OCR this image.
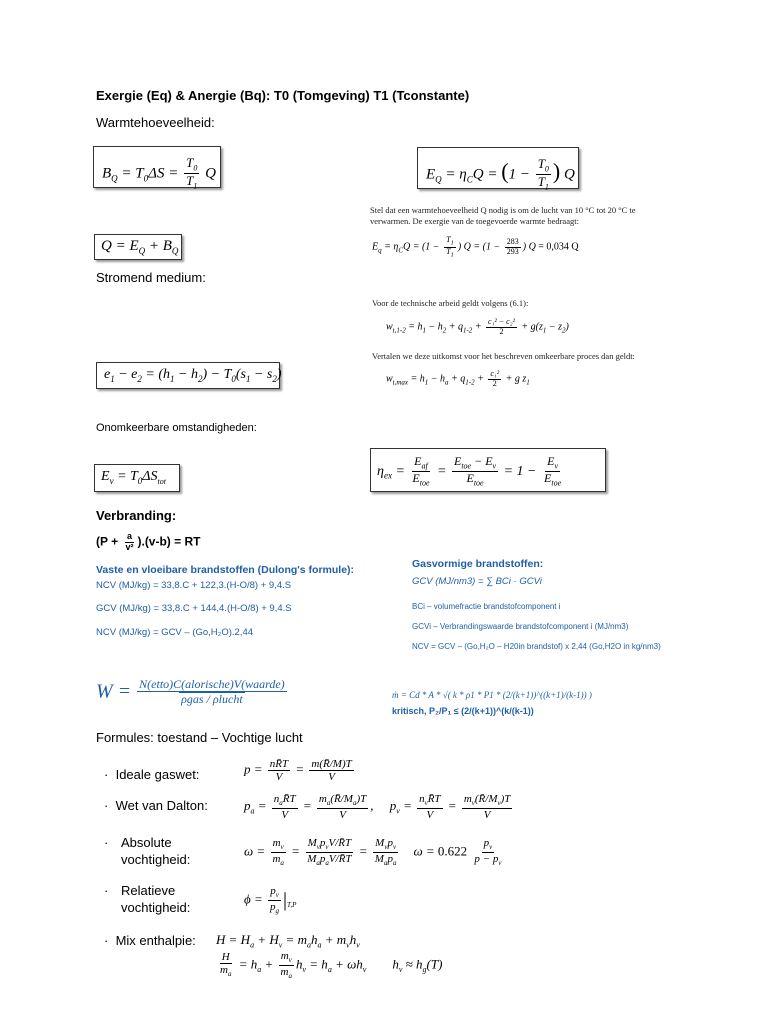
Exergie (Eq) & Anergie (Bq): T0 (Tomgeving) T1 (Tconstante)
Warmtehoeveelheid:
$B_Q = T_0\Delta S = \frac{T_0}{T_1}$ Q	$E_Q = \eta_CQ = (1 - \frac{T_0}{T_1}$ ) Q
Stel dat een warmtehoeveelheid Q nodig is om de lucht van 10 °C tot 20 °C te
verwarmen. De exergie van de toegevoerde warmte bedraagt:
$E_q = \eta_CQ = (1 - \frac{T_1}{T_1}$ ) $Q = (1 - \frac{283}{293}$ ) Q = 0,034 Q
$Q = E_Q + B_Q$
Stromend medium:
Voor de technische arbeid geldt volgens (6.1):
$w_{t,1-2} = h_1 - h_2 + q_{1-2} + \frac{\text{c₁² − c₂²}}{2} + g(z_1 - z_2)$
Vertalen we deze uitkomst voor het beschreven omkeerbare proces dan geldt:
$w_{t,max} = h_1 - h_a + q_{1-2} + \frac{\text{c₁²}}{2} + g$ $z_1$
$e_1 - e_2 = (h_1 - h_2) - T_0(s_1 - s_2)$
Onomkeerbare omstandigheden:
$E_v = T_0\Delta S_{tot}$
$\eta_{ex} = \frac{E_{af}}{E_{toe}} = \frac{E_{toe} - E_v}{E_{toe}} = 1 - \frac{E_v}{E_{toe}}$
Verbranding:
$(P + \frac{a}{\text{v²}} ).(v-b)$ = RT
Vaste en vloeibare brandstoffen (Dulong's formule):
NCV (MJ/kg) = 33,8.C + 122,3.(H-O/8) + 9,4.S
GCV (MJ/kg) = 33,8.C + 144,4.(H-O/8) + 9,4.S
NCV (MJ/kg) = GCV – (Go,H₂O).2,44
Gasvormige brandstoffen:
GCV (MJ/nm3) = ∑ BCi · GCVi
BCi – volumefractie brandstofcomponent i
GCVi – Verbrandingswaarde brandstofcomponent i (MJ/nm3)
NCV = GCV – (Go,H₂O – H20in brandstof) x 2,44 (Go,H2O in kg/nm3)
$W = \frac{\text{N(etto)C(alorische)V(waarde)}}{\text{ρgas / ρlucht}}$	ṁ = Cd * A * √( k * ρ1 * P1 * (2/(k+1))^((k+1)/(k-1)) )
kritisch, P₂/P₁ ≤ (2/(k+1))^(k/(k-1))
Formules: toestand – Vochtige lucht
· Ideale gaswet:	$p = \frac{nR̄T}{V} = \frac{m(R̄/M)T}{V}$
· Wet van Dalton:	$p_a = \frac{n_aR̄T}{V} = \frac{m_a(R̄/M_a)T}{V}$ ,     $p_v = \frac{n_vR̄T}{V} = \frac{m_v(R̄/M_v)T}{V}$
· Absolute vochtigheid:
$\omega = \frac{m_v}{m_a} = \frac{M_vp_vV/R̄T}{M_ap_aV/R̄T} = \frac{M_vp_v}{M_ap_a}$ $\omega = 0.622 \frac{p_v}{p - p_v}$
· Relatieve vochtigheid:
$\phi = \frac{p_v}{p_g} |_{T,P}$
· Mix enthalpie: $H = H_a + H_v = m_ah_a + m_vh_v$
$\frac{H}{m_a} = h_a + \frac{m_v}{m_a} h_v = h_a + \omega h_v$        $h_v \approx h_g(T)$
